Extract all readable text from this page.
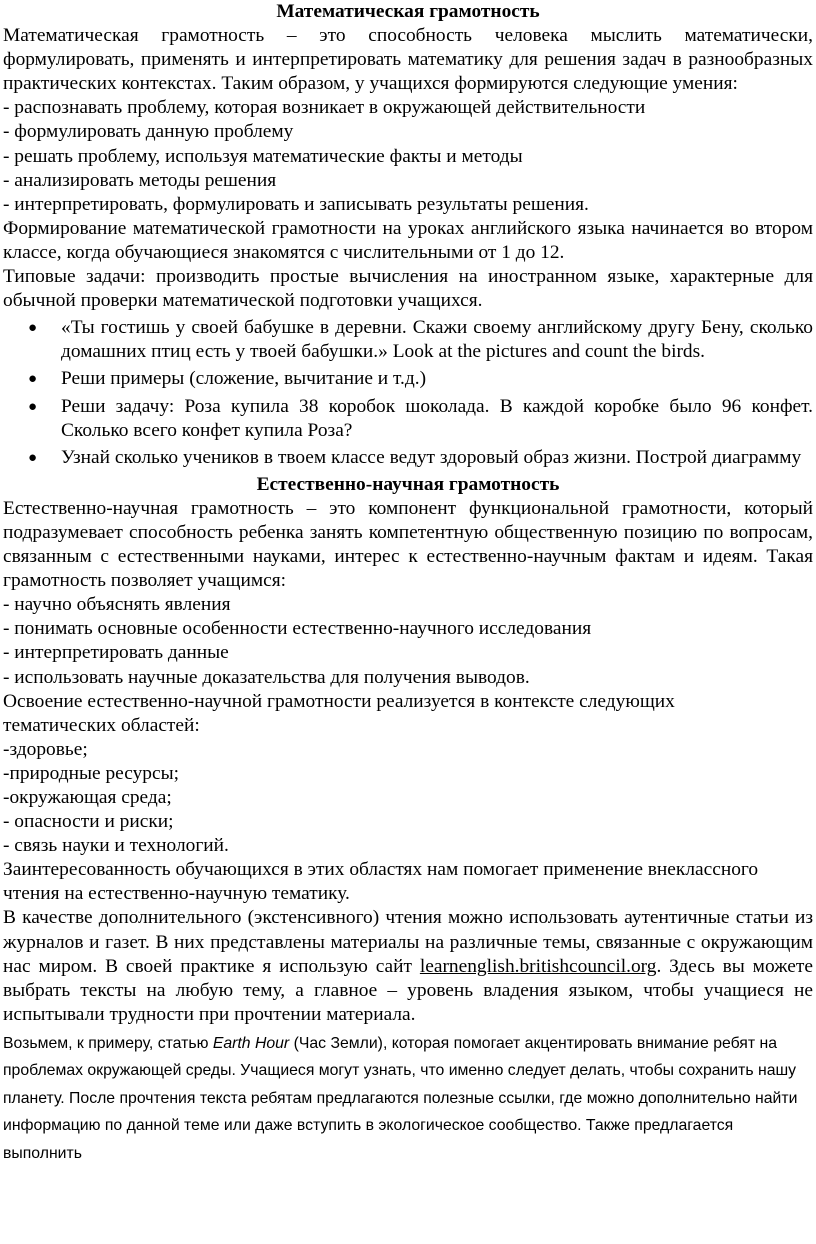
Математическая грамотность
Математическая грамотность – это способность человека мыслить математически, формулировать, применять и интерпретировать математику для решения задач в разнообразных практических контекстах. Таким образом, у учащихся формируются следующие умения:
- распознавать проблему, которая возникает в окружающей действительности
- формулировать данную проблему
- решать проблему, используя математические факты и методы
- анализировать методы решения
- интерпретировать, формулировать и записывать результаты решения.
Формирование математической грамотности на уроках английского языка начинается во втором классе, когда обучающиеся знакомятся с числительными от 1 до 12.
Типовые задачи: производить простые вычисления на иностранном языке, характерные для обычной проверки математической подготовки учащихся.
● «Ты гостишь у своей бабушке в деревни. Скажи своему английскому другу Бену, сколько домашних птиц есть у твоей бабушки.» Look at the pictures and count the birds.
● Реши примеры (сложение, вычитание и т.д.)
● Реши задачу: Роза купила 38 коробок шоколада. В каждой коробке было 96 конфет. Сколько всего конфет купила Роза?
● Узнай сколько учеников в твоем классе ведут здоровый образ жизни. Построй диаграмму
Естественно-научная грамотность
Естественно-научная грамотность – это компонент функциональной грамотности, который подразумевает способность ребенка занять компетентную общественную позицию по вопросам, связанным с естественными науками, интерес к естественно-научным фактам и идеям. Такая грамотность позволяет учащимся:
- научно объяснять явления
- понимать основные особенности естественно-научного исследования
- интерпретировать данные
- использовать научные доказательства для получения выводов.
Освоение естественно-научной грамотности реализуется в контексте следующих
тематических областей:
-здоровье;
-природные ресурсы;
-окружающая среда;
- опасности и риски;
- связь науки и технологий.
Заинтересованность обучающихся в этих областях нам помогает применение внеклассного чтения на естественно-научную тематику.
В качестве дополнительного (экстенсивного) чтения можно использовать аутентичные статьи из журналов и газет. В них представлены материалы на различные темы, связанные с окружающим нас миром. В своей практике я использую сайт learnenglish.britishcouncil.org. Здесь вы можете выбрать тексты на любую тему, а главное – уровень владения языком, чтобы учащиеся не испытывали трудности при прочтении материала.
Возьмем, к примеру, статью Earth Hour (Час Земли), которая помогает акцентировать внимание ребят на проблемах окружающей среды. Учащиеся могут узнать, что именно следует делать, чтобы сохранить нашу планету. После прочтения текста ребятам предлагаются полезные ссылки, где можно дополнительно найти информацию по данной теме или даже вступить в экологическое сообщество. Также предлагается выполнить
